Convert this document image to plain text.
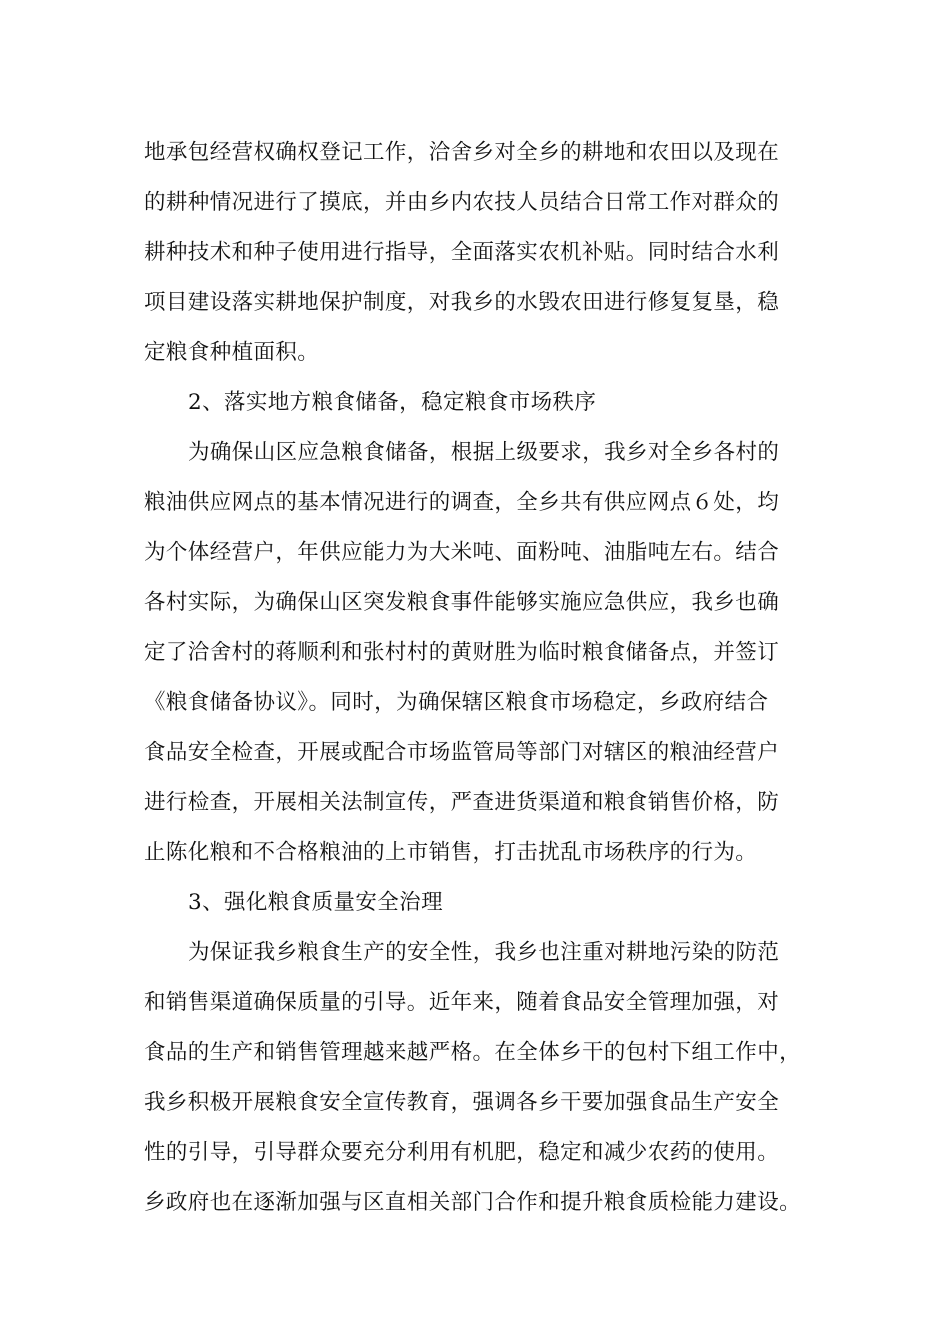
地承包经营权确权登记工作，洽舍乡对全乡的耕地和农田以及现在
的耕种情况进行了摸底，并由乡内农技人员结合日常工作对群众的
耕种技术和种子使用进行指导，全面落实农机补贴。同时结合水利
项目建设落实耕地保护制度，对我乡的水毁农田进行修复复垦，稳
定粮食种植面积。
2、落实地方粮食储备，稳定粮食市场秩序
为确保山区应急粮食储备，根据上级要求，我乡对全乡各村的
粮油供应网点的基本情况进行的调查，全乡共有供应网点６处，均
为个体经营户，年供应能力为大米吨、面粉吨、油脂吨左右。结合
各村实际，为确保山区突发粮食事件能够实施应急供应，我乡也确
定了洽舍村的蒋顺利和张村村的黄财胜为临时粮食储备点，并签订
《粮食储备协议》。同时，为确保辖区粮食市场稳定，乡政府结合
食品安全检查，开展或配合市场监管局等部门对辖区的粮油经营户
进行检查，开展相关法制宣传，严查进货渠道和粮食销售价格，防
止陈化粮和不合格粮油的上市销售，打击扰乱市场秩序的行为。
3、强化粮食质量安全治理
为保证我乡粮食生产的安全性，我乡也注重对耕地污染的防范
和销售渠道确保质量的引导。近年来，随着食品安全管理加强，对
食品的生产和销售管理越来越严格。在全体乡干的包村下组工作中，
我乡积极开展粮食安全宣传教育，强调各乡干要加强食品生产安全
性的引导，引导群众要充分利用有机肥，稳定和减少农药的使用。
乡政府也在逐渐加强与区直相关部门合作和提升粮食质检能力建设。
